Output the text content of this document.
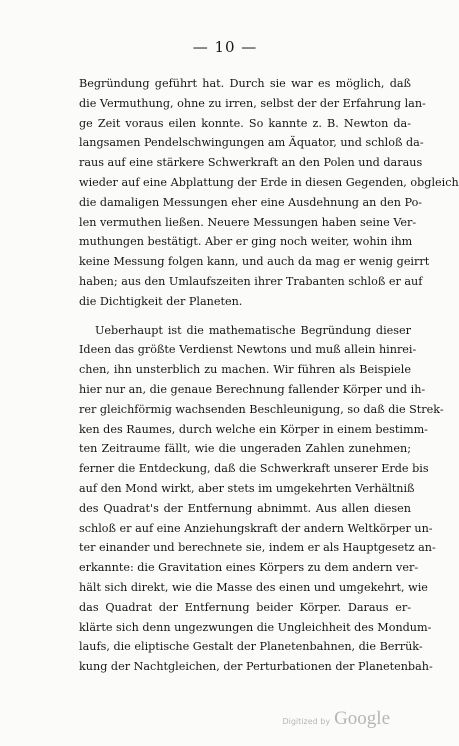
— 10 —
Begründung geführt hat. Durch sie war es möglich, daß
die Vermuthung, ohne zu irren, selbst der der Erfahrung lan-
ge Zeit voraus eilen konnte. So kannte z. B. Newton da-
langsamen Pendelschwingungen am Äquator, und schloß da-
raus auf eine stärkere Schwerkraft an den Polen und daraus
wieder auf eine Abplattung der Erde in diesen Gegenden, obgleich
die damaligen Messungen eher eine Ausdehnung an den Po-
len vermuthen ließen. Neuere Messungen haben seine Ver-
muthungen bestätigt. Aber er ging noch weiter, wohin ihm
keine Messung folgen kann, und auch da mag er wenig geirrt
haben; aus den Umlaufszeiten ihrer Trabanten schloß er auf
die Dichtigkeit der Planeten.
Ueberhaupt ist die mathematische Begründung dieser
Ideen das größte Verdienst Newtons und muß allein hinrei-
chen, ihn unsterblich zu machen. Wir führen als Beispiele
hier nur an, die genaue Berechnung fallender Körper und ih-
rer gleichförmig wachsenden Beschleunigung, so daß die Strek-
ken des Raumes, durch welche ein Körper in einem bestimm-
ten Zeitraume fällt, wie die ungeraden Zahlen zunehmen;
ferner die Entdeckung, daß die Schwerkraft unserer Erde bis
auf den Mond wirkt, aber stets im umgekehrten Verhältniß
des Quadrat's der Entfernung abnimmt. Aus allen diesen
schloß er auf eine Anziehungskraft der andern Weltkörper un-
ter einander und berechnete sie, indem er als Hauptgesetz an-
erkannte: die Gravitation eines Körpers zu dem andern ver-
hält sich direkt, wie die Masse des einen und umgekehrt, wie
das Quadrat der Entfernung beider Körper. Daraus er-
klärte sich denn ungezwungen die Ungleichheit des Mondum-
laufs, die eliptische Gestalt der Planetenbahnen, die Berrük-
kung der Nachtgleichen, der Perturbationen der Planetenbah-
Digitized by Google
